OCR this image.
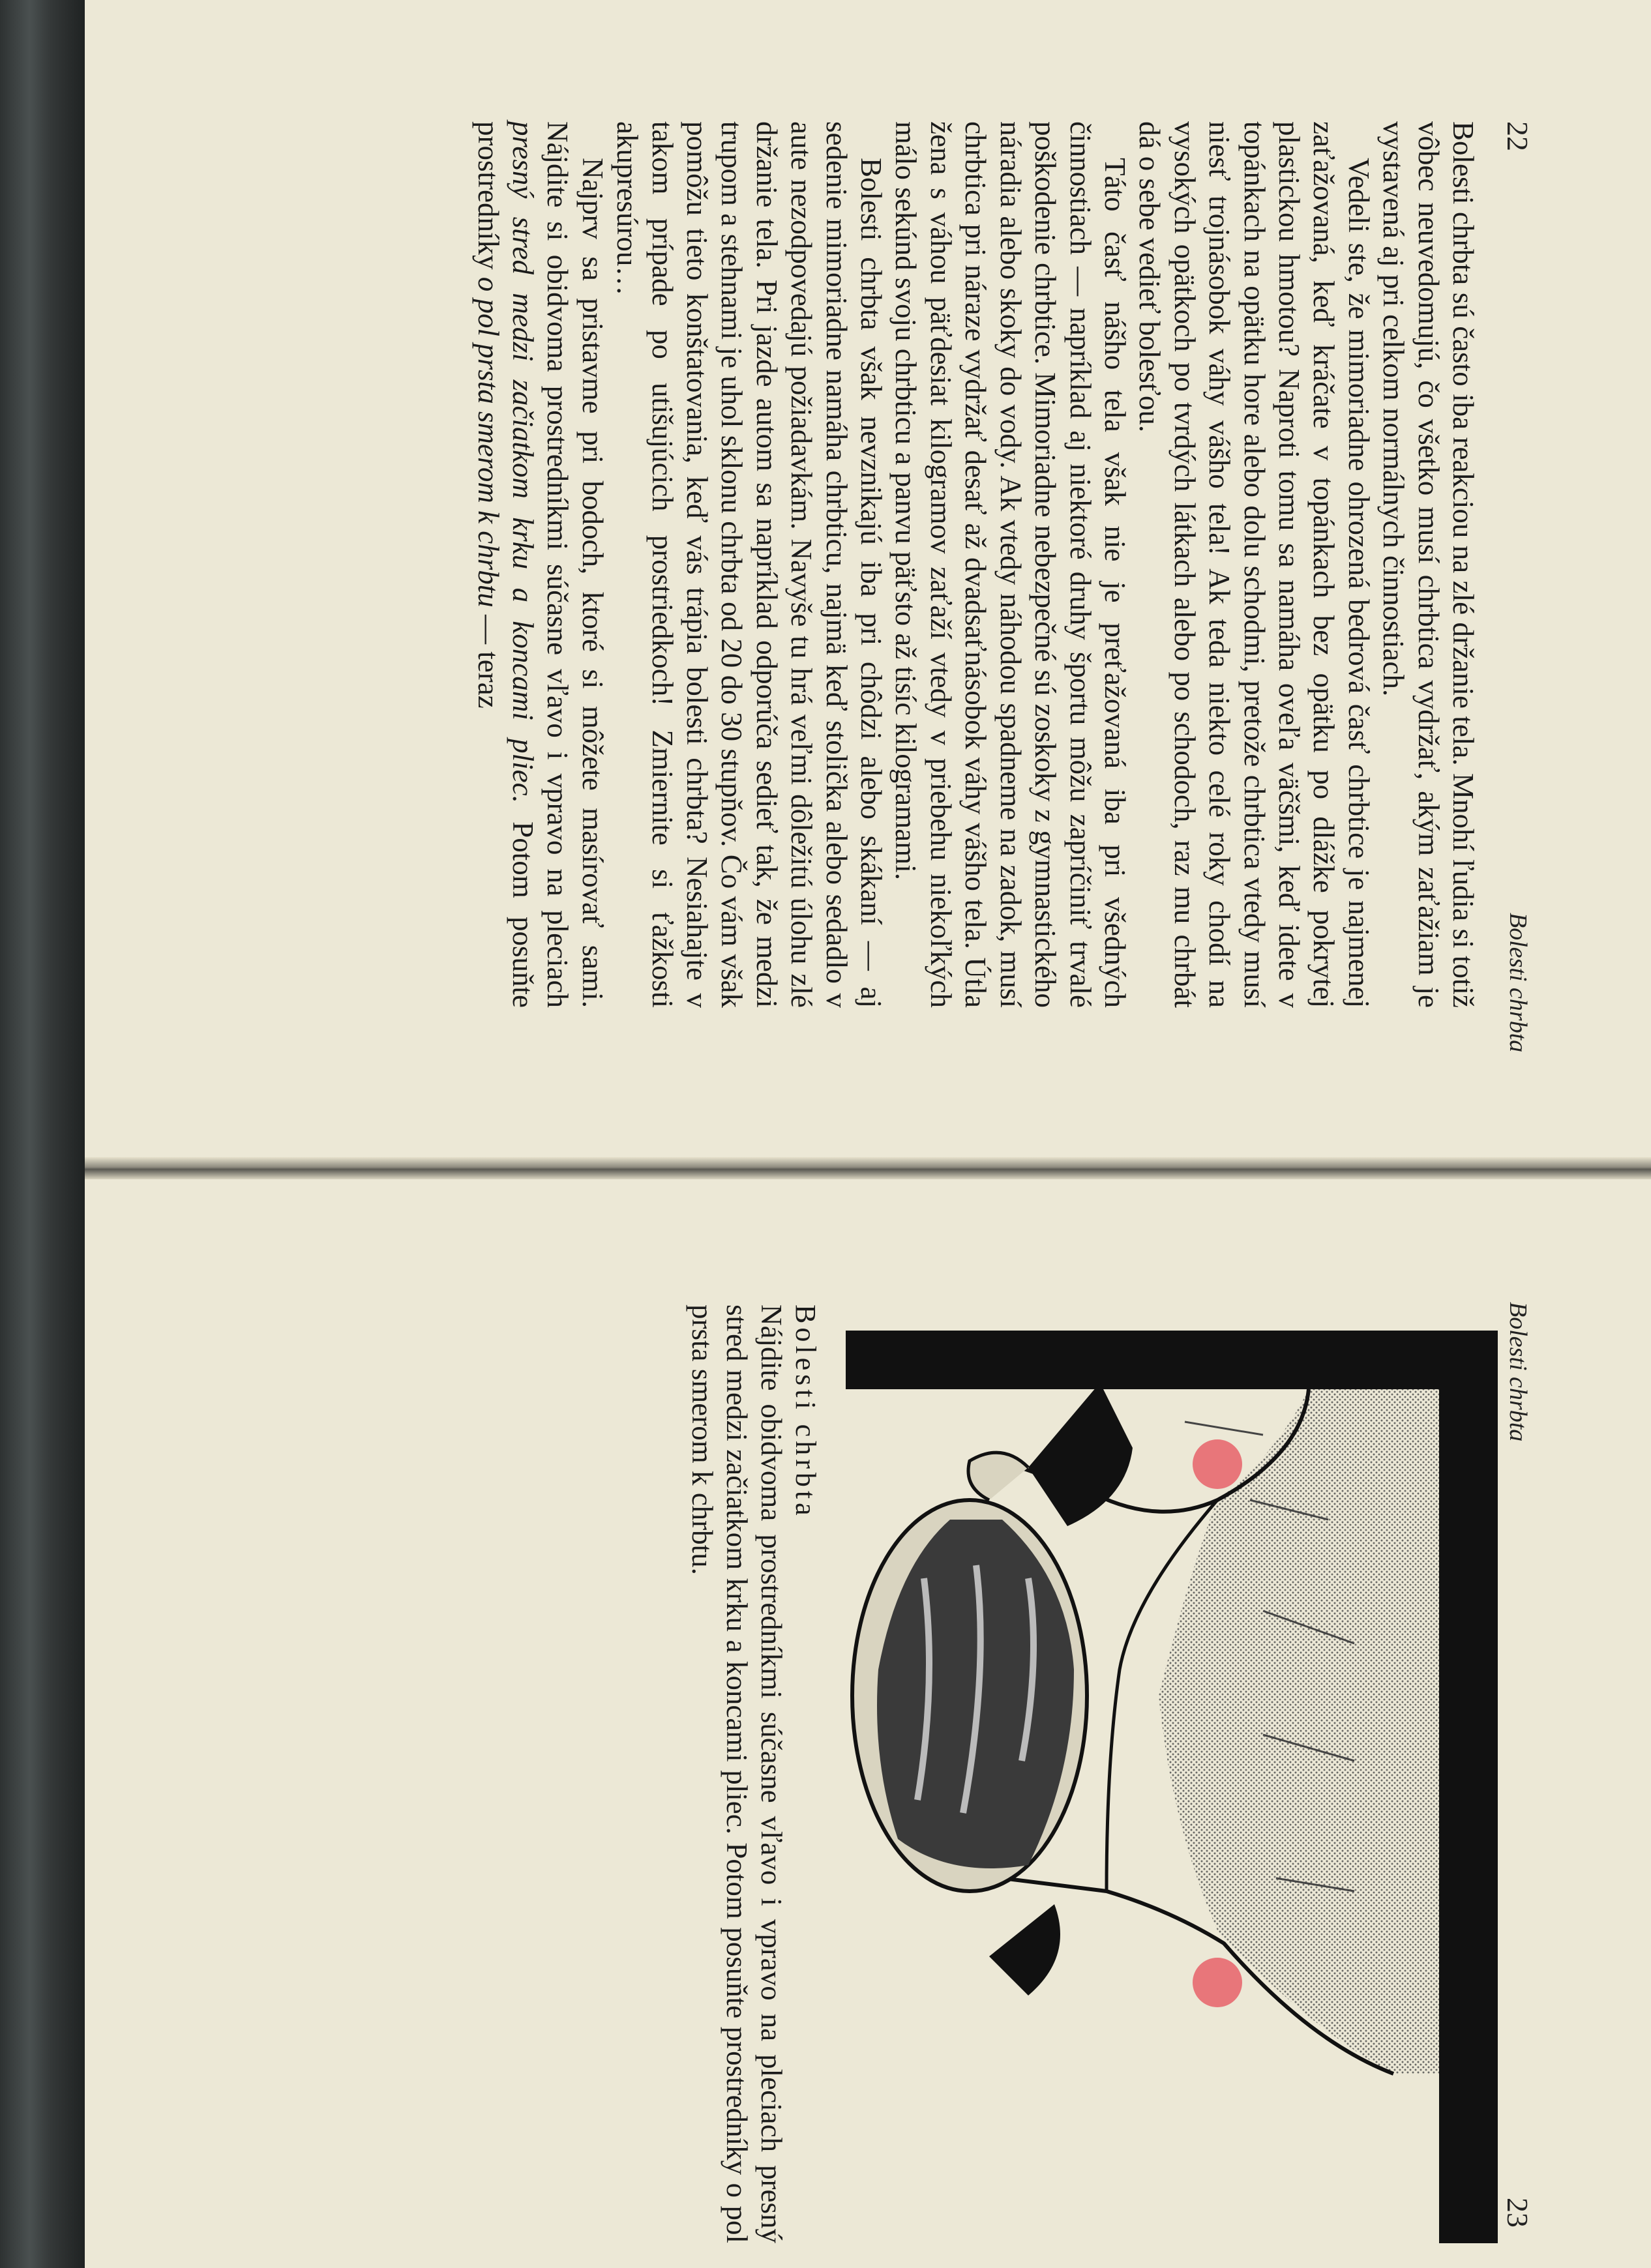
22
Bolesti chrbta

Bolesti chrbta sú často iba reakciou na zlé držanie tela. Mnohí ľudia si totiž vôbec neuvedomujú, čo všetko musí chrbtica vydržať, akým zaťažiam je vystavená aj pri celkom normálnych činnostiach.

Vedeli ste, že mimoriadne ohrozená bedrová časť chrbtice je najmenej zaťažovaná, keď kráčate v topánkach bez opätku po dlážke pokrytej plastickou hmotou? Naproti tomu sa namáha oveľa väčšmi, keď idete v topánkach na opätku hore alebo dolu schodmi, pretože chrbtica vtedy musí niesť trojnásobok váhy vášho tela! Ak teda niekto celé roky chodí na vysokých opätkoch po tvrdých látkach alebo po schodoch, raz mu chrbát dá o sebe vedieť bolesťou.

Táto časť nášho tela však nie je preťažovaná iba pri všedných činnostiach — napríklad aj niektoré druhy športu môžu zapríčiniť trvalé poškodenie chrbtice. Mimoriadne nebezpečné sú zoskoky z gymnastického náradia alebo skoky do vody. Ak vtedy náhodou spadneme na zadok, musí chrbtica pri náraze vydržať desať až dvadsaťnásobok váhy vášho tela. Útla žena s váhou päťdesiat kilogramov zaťaží vtedy v priebehu niekoľkých málo sekúnd svoju chrbticu a panvu päťsto až tisíc kilogramami.

Bolesti chrbta však nevznikajú iba pri chôdzi alebo skákaní — aj sedenie mimoriadne namáha chrbticu, najmä keď stolička alebo sedadlo v aute nezodpovedajú požiadavkám. Navyše tu hrá veľmi dôležitú úlohu zlé držanie tela. Pri jazde autom sa napríklad odporúča sedieť tak, že medzi trupom a stehnami je uhol sklonu chrbta od 20 do 30 stupňov. Čo vám však pomôžu tieto konštatovania, keď vás trápia bolesti chrbta? Nesiahajte v takom prípade po utišujúcich prostriedkoch! Zmiernite si ťažkosti akupresúrou…

Najprv sa pristavme pri bodoch, ktoré si môžete masírovať sami. Nájdite si obidvoma prostredníkmi súčasne vľavo i vpravo na pleciach presný stred medzi začiatkom krku a koncami pliec. Potom posuňte prostredníky o pol prsta smerom k chrbtu — teraz

Bolesti chrbta
23

Bolesti chrbta

Nájdite obidvoma prostredníkmi súčasne vľavo i vpravo na pleciach presný stred medzi začiatkom krku a koncami pliec. Potom posuňte prostredníky o pol prsta smerom k chrbtu.
